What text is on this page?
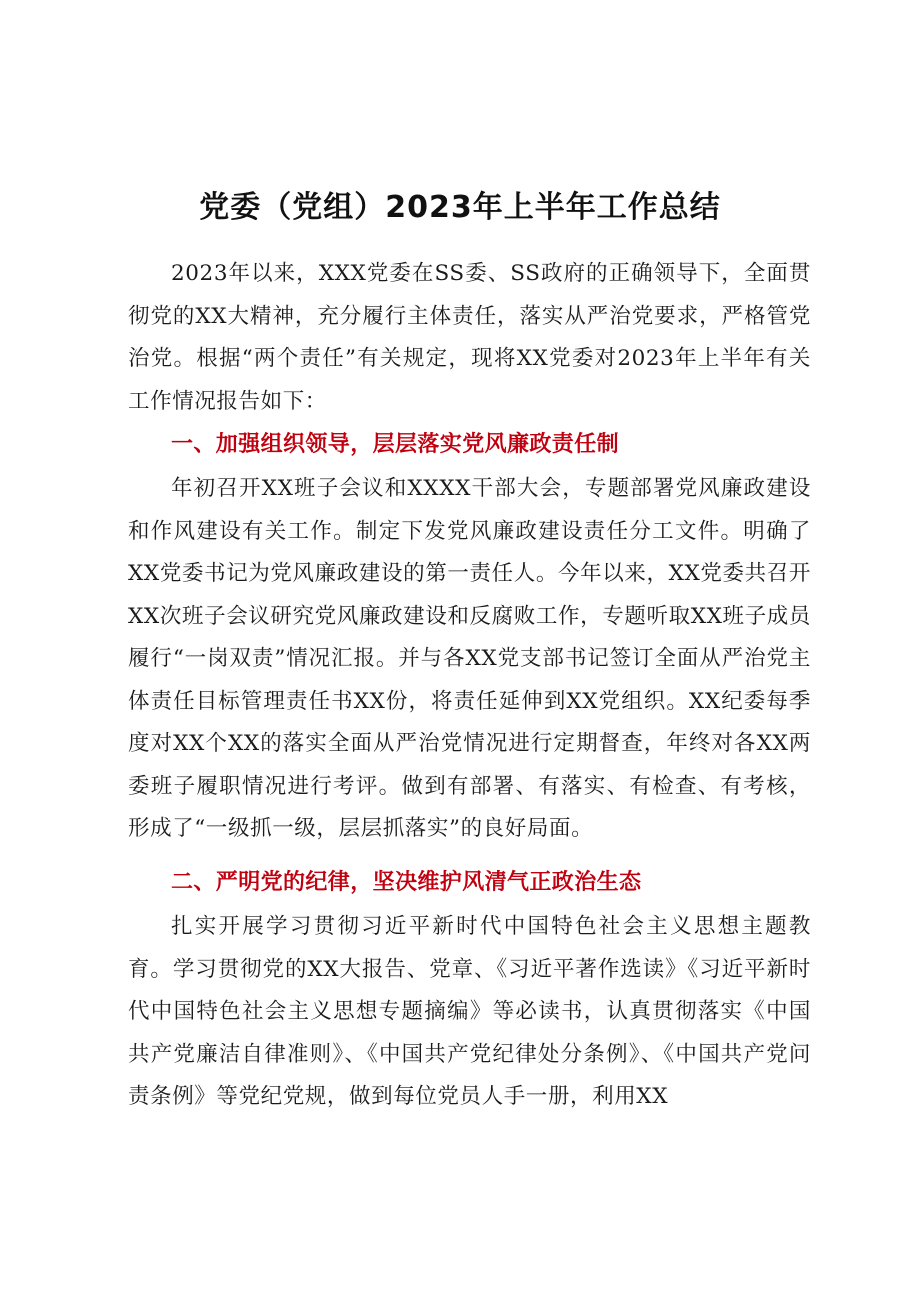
党委（党组）2023年上半年工作总结

2023年以来，XXX党委在SS委、SS政府的正确领导下，全面贯彻党的XX大精神，充分履行主体责任，落实从严治党要求，严格管党治党。根据“两个责任”有关规定，现将XX党委对2023年上半年有关工作情况报告如下：

一、加强组织领导，层层落实党风廉政责任制

年初召开XX班子会议和XXXX干部大会，专题部署党风廉政建设和作风建设有关工作。制定下发党风廉政建设责任分工文件。明确了XX党委书记为党风廉政建设的第一责任人。今年以来，XX党委共召开XX次班子会议研究党风廉政建设和反腐败工作，专题听取XX班子成员履行“一岗双责”情况汇报。并与各XX党支部书记签订全面从严治党主体责任目标管理责任书XX份，将责任延伸到XX党组织。XX纪委每季度对XX个XX的落实全面从严治党情况进行定期督查，年终对各XX两委班子履职情况进行考评。做到有部署、有落实、有检查、有考核，形成了“一级抓一级，层层抓落实”的良好局面。

二、严明党的纪律，坚决维护风清气正政治生态

扎实开展学习贯彻习近平新时代中国特色社会主义思想主题教育。学习贯彻党的XX大报告、党章、《习近平著作选读》《习近平新时代中国特色社会主义思想专题摘编》等必读书，认真贯彻落实《中国共产党廉洁自律准则》、《中国共产党纪律处分条例》、《中国共产党问责条例》等党纪党规，做到每位党员人手一册，利用XX
